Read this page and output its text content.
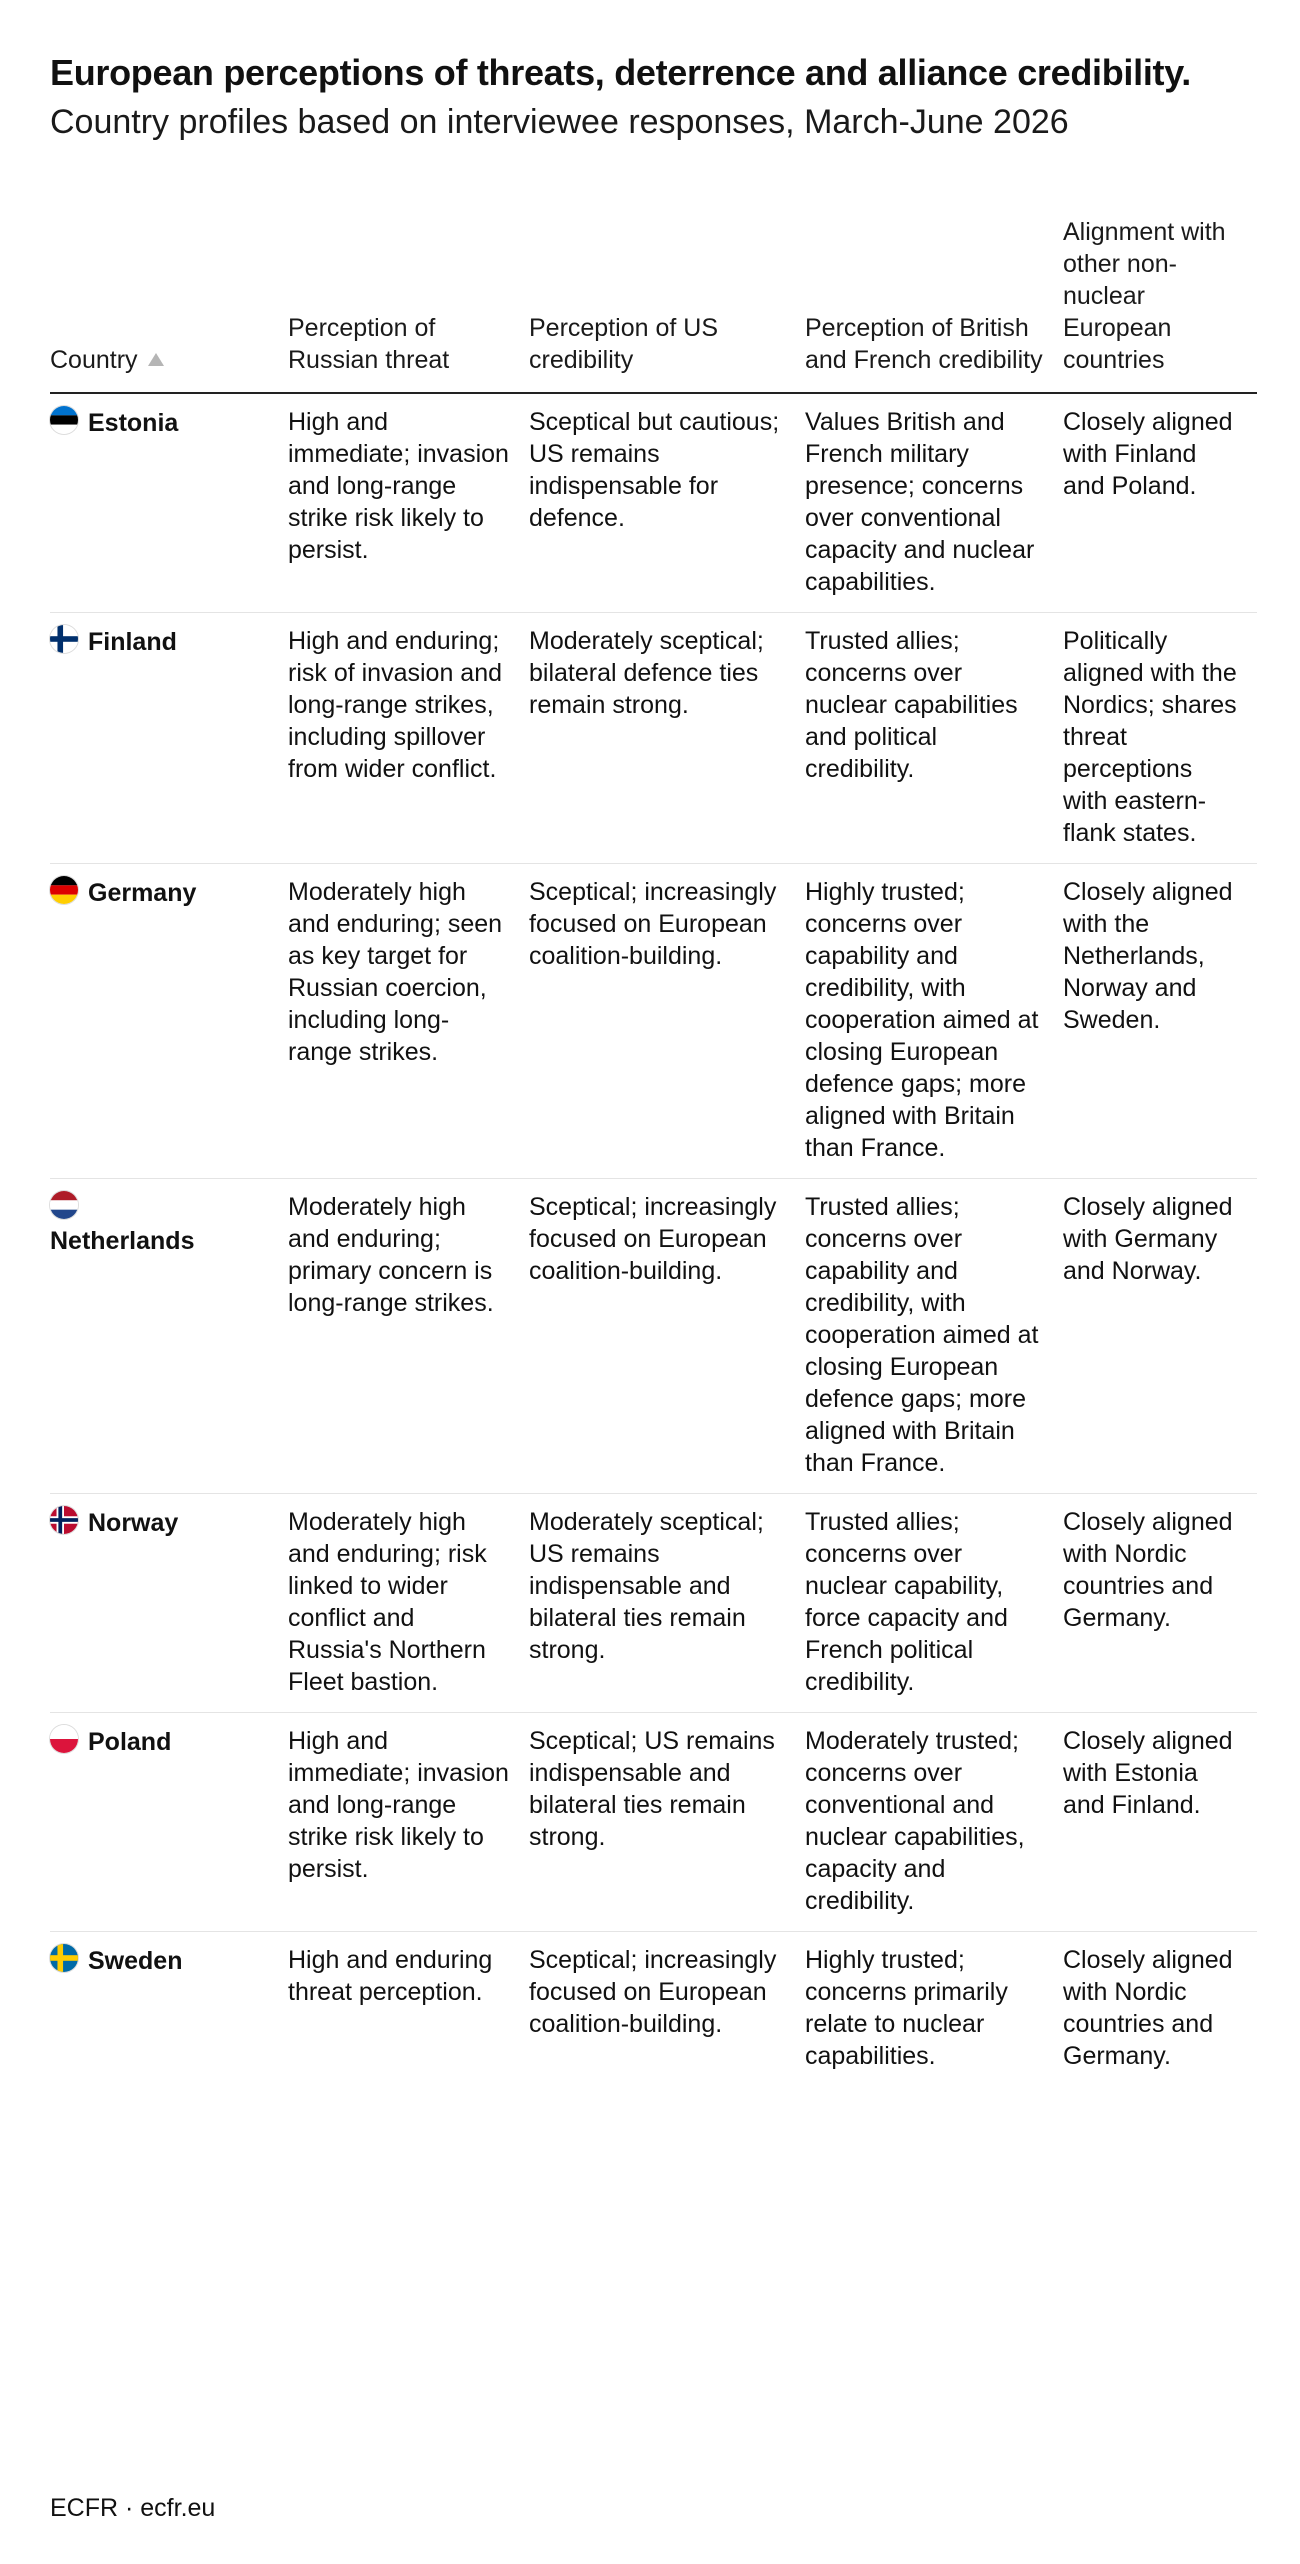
European perceptions of threats, deterrence and alliance credibility.
Country profiles based on interviewee responses, March-June 2026
Country	Perception of Russian threat	Perception of US credibility	Perception of British and French credibility	Alignment with other non-nuclear European countries

Estonia	High and immediate; invasion and long-range strike risk likely to persist.	Sceptical but cautious; US remains indispensable for defence.	Values British and French military presence; concerns over conventional capacity and nuclear capabilities.	Closely aligned with Finland and Poland.

Finland	High and enduring; risk of invasion and long-range strikes, including spillover from wider conflict.	Moderately sceptical; bilateral defence ties remain strong.	Trusted allies; concerns over nuclear capabilities and political credibility.	Politically aligned with the Nordics; shares threat perceptions with eastern-flank states.

Germany	Moderately high and enduring; seen as key target for Russian coercion, including long-range strikes.	Sceptical; increasingly focused on European coalition-building.	Highly trusted; concerns over capability and credibility, with cooperation aimed at closing European defence gaps; more aligned with Britain than France.	Closely aligned with the Netherlands, Norway and Sweden.

Netherlands	Moderately high and enduring; primary concern is long-range strikes.	Sceptical; increasingly focused on European coalition-building.	Trusted allies; concerns over capability and credibility, with cooperation aimed at closing European defence gaps; more aligned with Britain than France.	Closely aligned with Germany and Norway.

Norway	Moderately high and enduring; risk linked to wider conflict and Russia's Northern Fleet bastion.	Moderately sceptical; US remains indispensable and bilateral ties remain strong.	Trusted allies; concerns over nuclear capability, force capacity and French political credibility.	Closely aligned with Nordic countries and Germany.

Poland	High and immediate; invasion and long-range strike risk likely to persist.	Sceptical; US remains indispensable and bilateral ties remain strong.	Moderately trusted; concerns over conventional and nuclear capabilities, capacity and credibility.	Closely aligned with Estonia and Finland.

Sweden	High and enduring threat perception.	Sceptical; increasingly focused on European coalition-building.	Highly trusted; concerns primarily relate to nuclear capabilities.	Closely aligned with Nordic countries and Germany.
ECFR · ecfr.eu
